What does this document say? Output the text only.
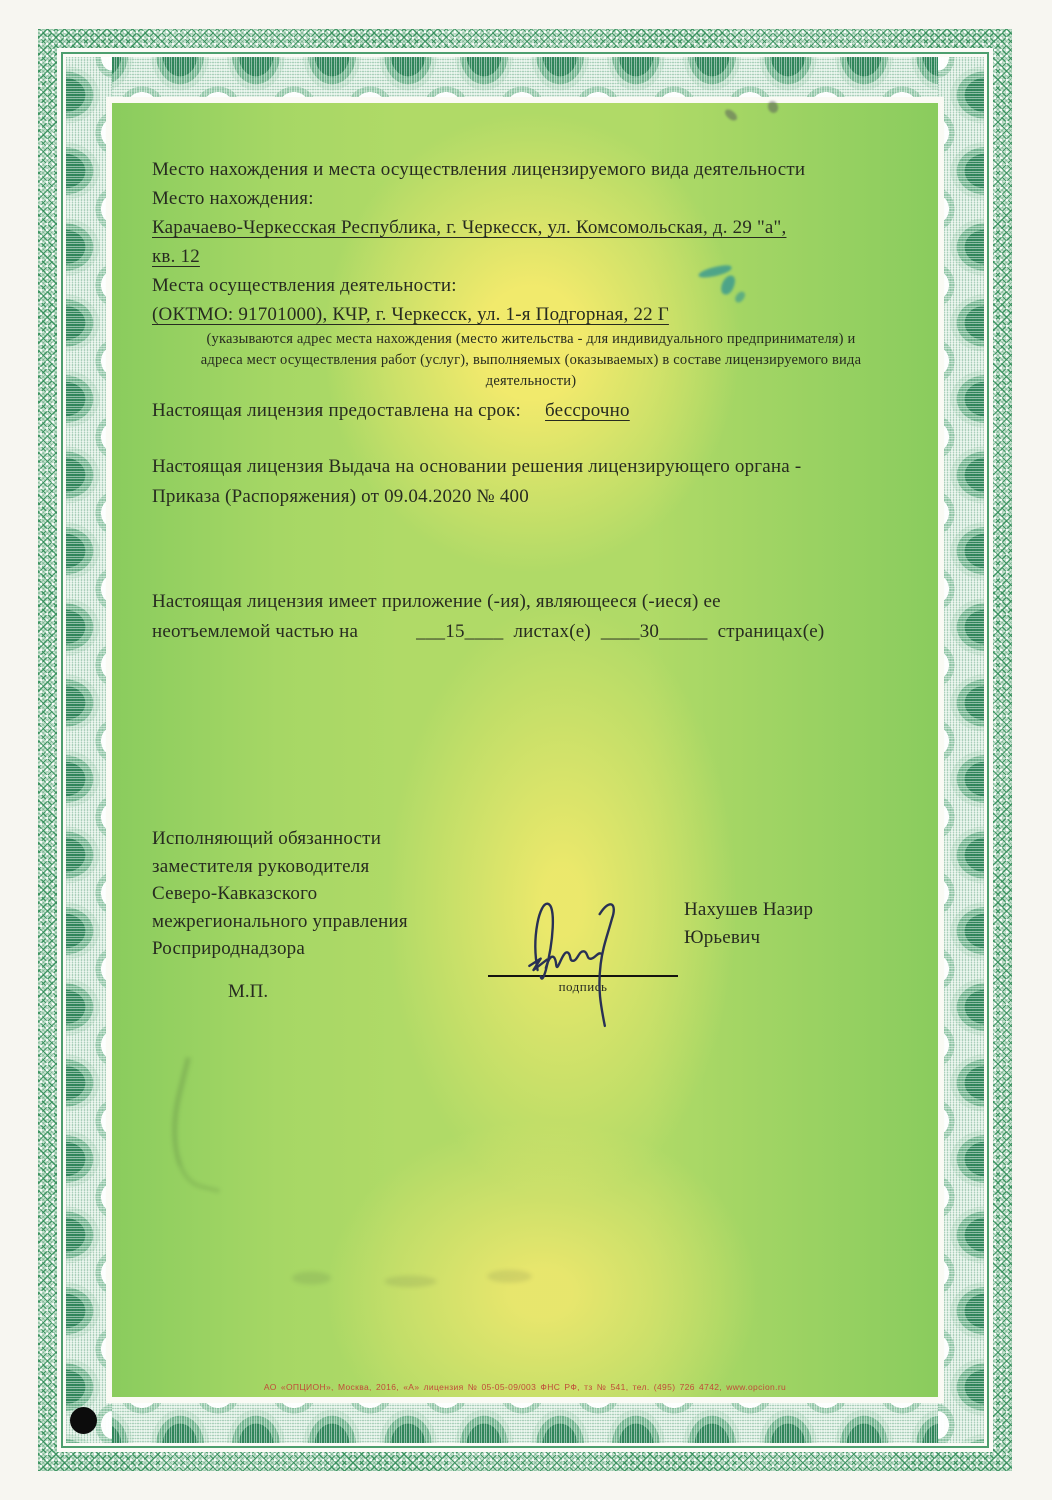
Место нахождения и места осуществления лицензируемого вида деятельности
Место нахождения:
Карачаево-Черкесская Республика, г. Черкесск, ул. Комсомольская, д. 29 "а",
кв. 12
Места осуществления деятельности:
(ОКТМО: 91701000), КЧР, г. Черкесск, ул. 1-я Подгорная, 22 Г
(указываются адрес места нахождения (место жительства - для индивидуального предпринимателя) и
адреса мест осуществления работ (услуг), выполняемых (оказываемых) в составе лицензируемого вида
деятельности)
Настоящая лицензия предоставлена на срок: бессрочно
Настоящая лицензия Выдача на основании решения лицензирующего органа -
Приказа (Распоряжения) от 09.04.2020 № 400
Настоящая лицензия имеет приложение (-ия), являющееся (-иеся) ее
неотъемлемой частью на	___15____ листах(е) ____30_____ страницах(е)
Исполняющий обязанности
заместителя руководителя
Северо-Кавказского
межрегионального управления
Росприроднадзора
подпись
Нахушев Назир
Юрьевич
М.П.
АО «ОПЦИОН», Москва, 2016, «А» лицензия № 05-05-09/003 ФНС РФ, тз № 541, тел. (495) 726 4742, www.opcion.ru
